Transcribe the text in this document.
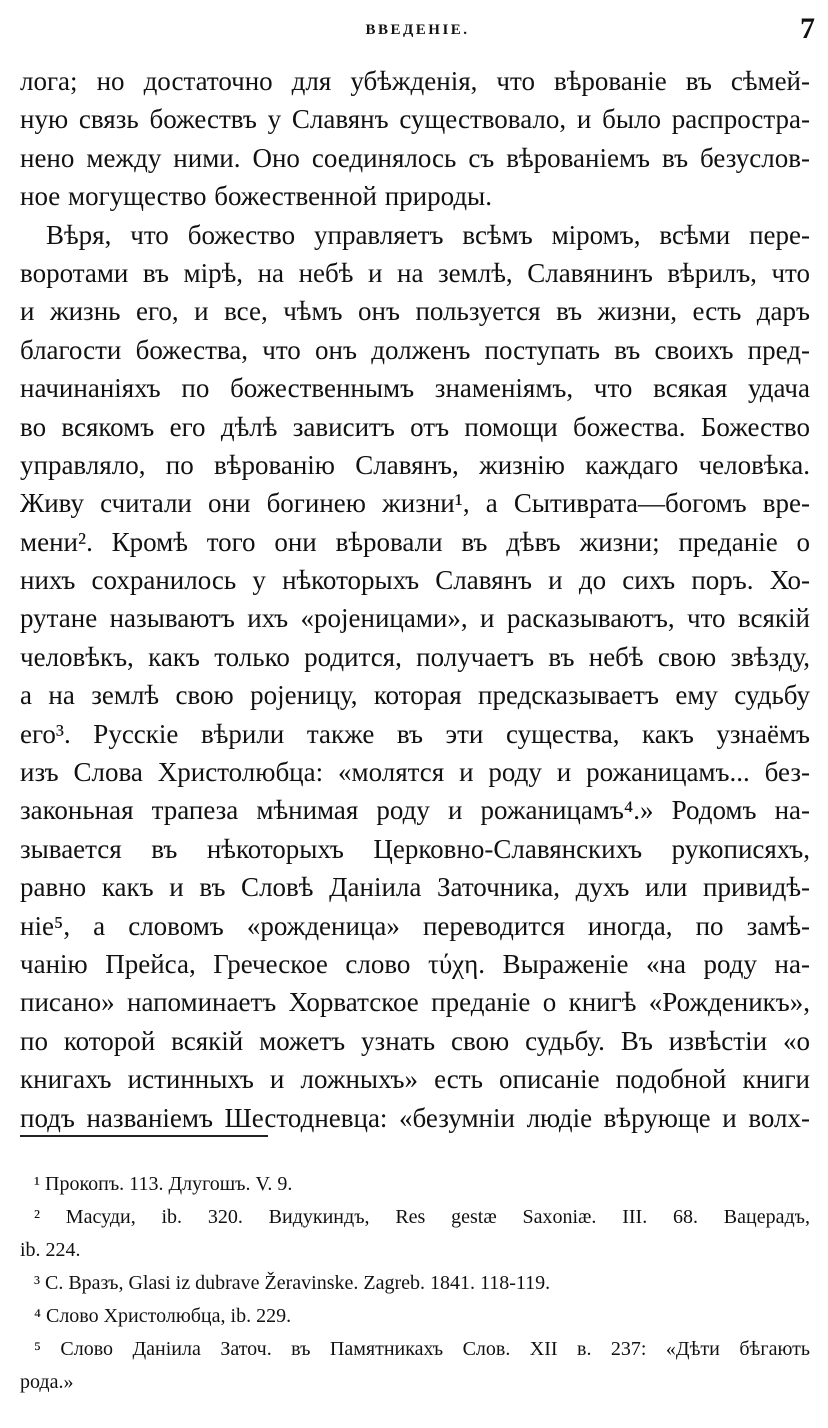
ВВЕДЕНІЕ.	7
лога; но достаточно для убѣжденія, что вѣрованіе въ сѣмей-
ную связь божествъ у Славянъ существовало, и было распростра-
нено между ними. Оно соединялось съ вѣрованіемъ въ безуслов-
ное могущество божественной природы.
Вѣря, что божество управляетъ всѣмъ міромъ, всѣми пере-
воротами въ мірѣ, на небѣ и на землѣ, Славянинъ вѣрилъ, что
и жизнь его, и все, чѣмъ онъ пользуется въ жизни, есть даръ
благости божества, что онъ долженъ поступать въ своихъ пред-
начинаніяхъ по божественнымъ знаменіямъ, что всякая удача
во всякомъ его дѣлѣ зависитъ отъ помощи божества. Божество
управляло, по вѣрованію Славянъ, жизнію каждаго человѣка.
Живу считали они богинею жизни¹, а Сытиврата—богомъ вре-
мени². Кромѣ того они вѣровали въ дѣвъ жизни; преданіе о
нихъ сохранилось у нѣкоторыхъ Славянъ и до сихъ поръ. Хо-
рутане называютъ ихъ «роjеницами», и расказываютъ, что всякій
человѣкъ, какъ только родится, получаетъ въ небѣ свою звѣзду,
а на землѣ свою роjеницу, которая предсказываетъ ему судьбу
его³. Русскіе вѣрили также въ эти существа, какъ узнаёмъ
изъ Слова Христолюбца: «молятся и роду и рожаницамъ... без-
законьная трапеза мѣнимая роду и рожаницамъ⁴.» Родомъ на-
зывается въ нѣкоторыхъ Церковно-Славянскихъ рукописяхъ,
равно какъ и въ Словѣ Данiила Заточника, духъ или привидѣ-
ніе⁵, а словомъ «рожденица» переводится иногда, по замѣ-
чанію Прейса, Греческое слово τύχη. Выраженіе «на роду на-
писано» напоминаетъ Хорватское преданіе о книгѣ «Рожденикъ»,
по которой всякій можетъ узнать свою судьбу. Въ извѣстіи «о
книгахъ истинныхъ и ложныхъ» есть описаніе подобной книги
подъ названіемъ Шестодневца: «безумніи людіе вѣрующе и волх-
¹ Прокопъ. 113. Длугошъ. V. 9.
² Масуди, ib. 320. Видукиндъ, Res gestæ Saxoniæ. III. 68. Вацерадъ,
ib. 224.
³ С. Вразъ, Glasi iz dubrave Žeravinske. Zagreb. 1841. 118-119.
⁴ Слово Христолюбца, ib. 229.
⁵ Слово Данiила Заточ. въ Памятникахъ Слов. XII в. 237: «Дѣти бѣгають
рода.»
